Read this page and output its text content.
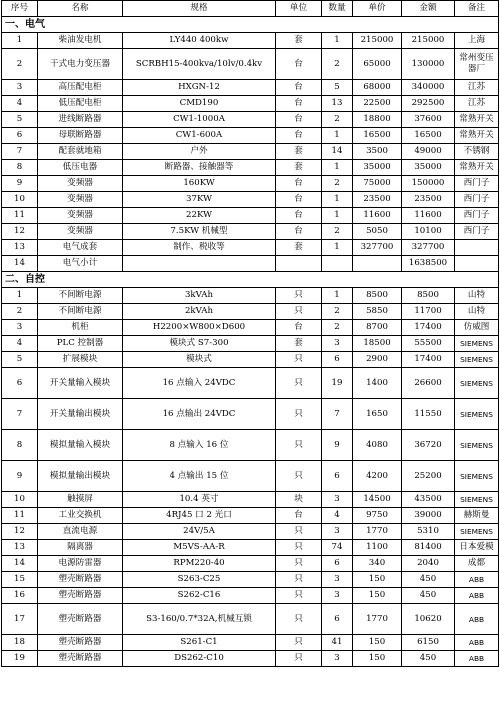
序号	名称	规格	单位	数量	单价	金额	备注
一、电气							
1	柴油发电机	LY440 400kw	套	1	215000	215000	上海
2	干式电力变压器	SCRBH15-400kva/10lv/0.4kv	台	2	65000	130000	常州变压器厂
3	高压配电柜	HXGN-12	台	5	68000	340000	江苏
4	低压配电柜	CMD190	台	13	22500	292500	江苏
5	进线断路器	CW1-1000A	台	2	18800	37600	常熟开关
6	母联断路器	CW1-600A	台	1	16500	16500	常熟开关
7	配套就地箱	户外	套	14	3500	49000	不锈钢
8	低压电器	断路器、接触器等	套	1	35000	35000	常熟开关
9	变频器	160KW	台	2	75000	150000	西门子
10	变频器	37KW	台	1	23500	23500	西门子
11	变频器	22KW	台	1	11600	11600	西门子
12	变频器	7.5KW 机械型	台	2	5050	10100	西门子
13	电气成套	制作、税收等	套	1	327700	327700	
14	电气小计					1638500	
二、自控							
1	不间断电源	3kVAh	只	1	8500	8500	山特
2	不间断电源	2kVAh	只	2	5850	11700	山特
3	机柜	H2200×W800×D600	台	2	8700	17400	仿威图
4	PLC 控制器	模块式 S7-300	套	3	18500	55500	SIEMENS
5	扩展模块	模块式	只	6	2900	17400	SIEMENS
6	开关量输入模块	16 点输入 24VDC	只	19	1400	26600	SIEMENS
7	开关量输出模块	16 点输出 24VDC	只	7	1650	11550	SIEMENS
8	模拟量输入模块	8 点输入 16 位	只	9	4080	36720	SIEMENS
9	模拟量输出模块	4 点输出 15 位	只	6	4200	25200	SIEMENS
10	触摸屏	10.4 英寸	块	3	14500	43500	SIEMENS
11	工业交换机	4RJ45 口 2 光口	台	4	9750	39000	赫斯曼
12	直流电源	24V/5A	只	3	1770	5310	SIEMENS
13	隔离器	M5VS-AA-R	只	74	1100	81400	日本爱模
14	电源防雷器	RPM220-40	只	6	340	2040	成都
15	塑壳断路器	S263-C25	只	3	150	450	ABB
16	塑壳断路器	S262-C16	只	3	150	450	ABB
17	塑壳断路器	S3-160/0.7*32A,机械互锁	只	6	1770	10620	ABB
18	塑壳断路器	S261-C1	只	41	150	6150	ABB
19	塑壳断路器	DS262-C10	只	3	150	450	ABB
